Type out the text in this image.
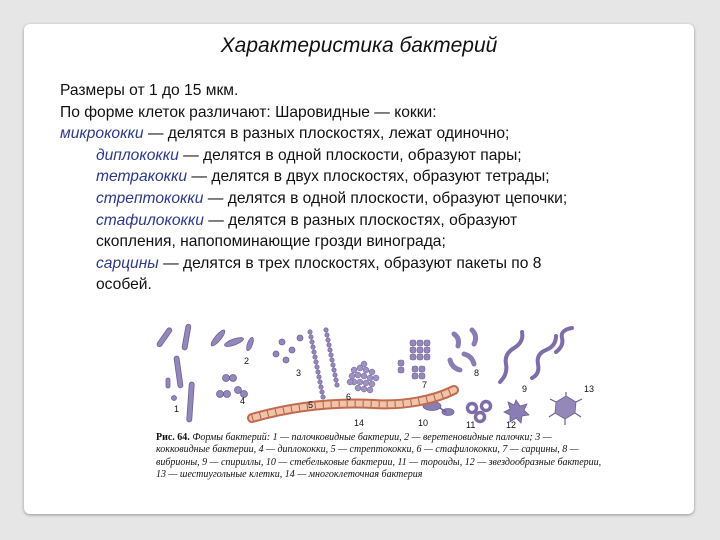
Характеристика бактерий
Размеры от 1 до 15 мкм.
По форме клеток различают: Шаровидные — кокки:
микрококки — делятся в разных плоскостях, лежат одиночно;
диплококки — делятся в одной плоскости, образуют пары;
тетракокки — делятся в двух плоскостях, образуют тетрады;
стрептококки — делятся в одной плоскости, образуют цепочки;
стафилококки — делятся в разных плоскостях, образуют
скопления, напопоминающие грозди винограда;
сарцины — делятся в трех плоскостях, образуют пакеты по 8
особей.
1
2
3
4	5
6
7
8
9
10	11	12
13
14
Рис. 64. Формы бактерий: 1 — палочковидные бактерии, 2 — веретеновидные палочки; 3 — кокковидные бактерии, 4 — диплококки, 5 — стрептококки, 6 — стафилококки, 7 — сарцины, 8 — вибрионы, 9 — спириллы, 10 — стебельковые бактерии, 11 — тороиды, 12 — звездообразные бактерии, 13 — шестиугольные клетки, 14 — многоклеточная бактерия
